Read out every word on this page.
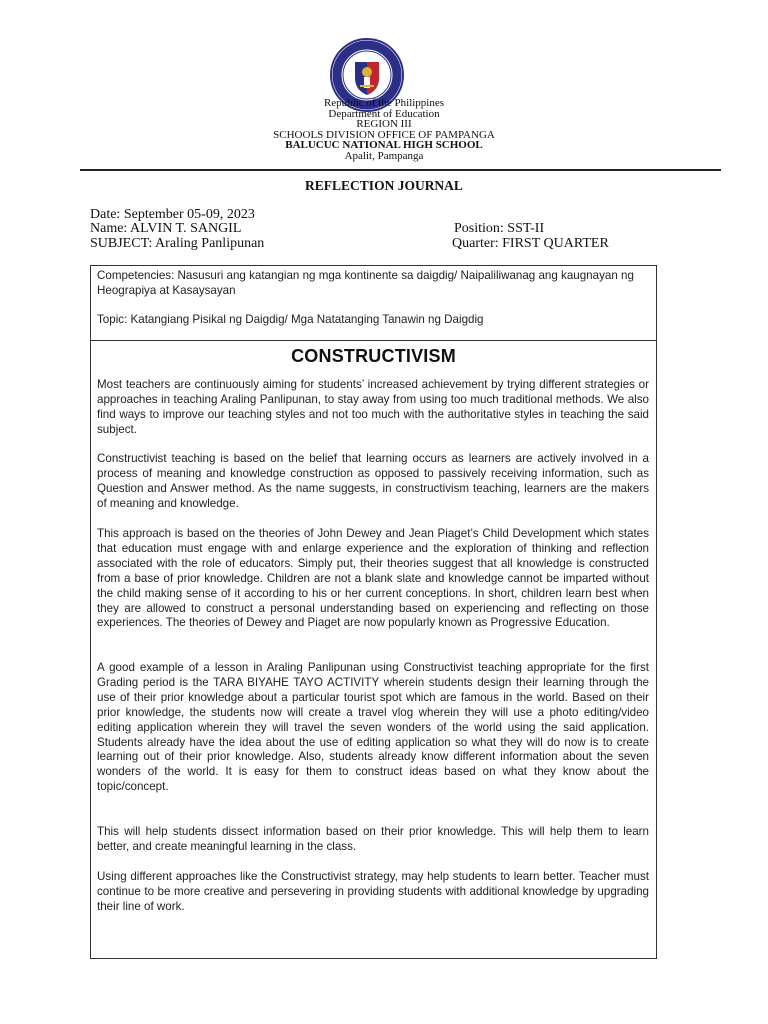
Republic of the Philippines
Department of Education
REGION III
SCHOOLS DIVISION OFFICE OF PAMPANGA
BALUCUC NATIONAL HIGH SCHOOL
Apalit, Pampanga
REFLECTION JOURNAL
Date: September 05-09, 2023
Name: ALVIN T. SANGIL	Position: SST-II
SUBJECT: Araling Panlipunan	Quarter: FIRST QUARTER
Competencies: Nasusuri ang katangian ng mga kontinente sa daigdig/ Naipaliliwanag ang kaugnayan ng Heograpiya at Kasaysayan
Topic: Katangiang Pisikal ng Daigdig/ Mga Natatanging Tanawin ng Daigdig
CONSTRUCTIVISM

Most teachers are continuously aiming for students’ increased achievement by trying different strategies or approaches in teaching Araling Panlipunan, to stay away from using too much traditional methods. We also find ways to improve our teaching styles and not too much with the authoritative styles in teaching the said subject.

Constructivist teaching is based on the belief that learning occurs as learners are actively involved in a process of meaning and knowledge construction as opposed to passively receiving information, such as Question and Answer method. As the name suggests, in constructivism teaching, learners are the makers of meaning and knowledge.

This approach is based on the theories of John Dewey and Jean Piaget’s Child Development which states that education must engage with and enlarge experience and the exploration of thinking and reflection associated with the role of educators. Simply put, their theories suggest that all knowledge is constructed from a base of prior knowledge. Children are not a blank slate and knowledge cannot be imparted without the child making sense of it according to his or her current conceptions. In short, children learn best when they are allowed to construct a personal understanding based on experiencing and reflecting on those experiences. The theories of Dewey and Piaget are now popularly known as Progressive Education.

A good example of a lesson in Araling Panlipunan using Constructivist teaching appropriate for the first Grading period is the TARA BIYAHE TAYO ACTIVITY wherein students design their learning through the use of their prior knowledge about a particular tourist spot which are famous in the world. Based on their prior knowledge, the students now will create a travel vlog wherein they will use a photo editing/video editing application wherein they will travel the seven wonders of the world using the said application. Students already have the idea about the use of editing application so what they will do now is to create learning out of their prior knowledge. Also, students already know different information about the seven wonders of the world. It is easy for them to construct ideas based on what they know about the topic/concept.

This will help students dissect information based on their prior knowledge. This will help them to learn better, and create meaningful learning in the class.

Using different approaches like the Constructivist strategy, may help students to learn better. Teacher must continue to be more creative and persevering in providing students with additional knowledge by upgrading their line of work.
